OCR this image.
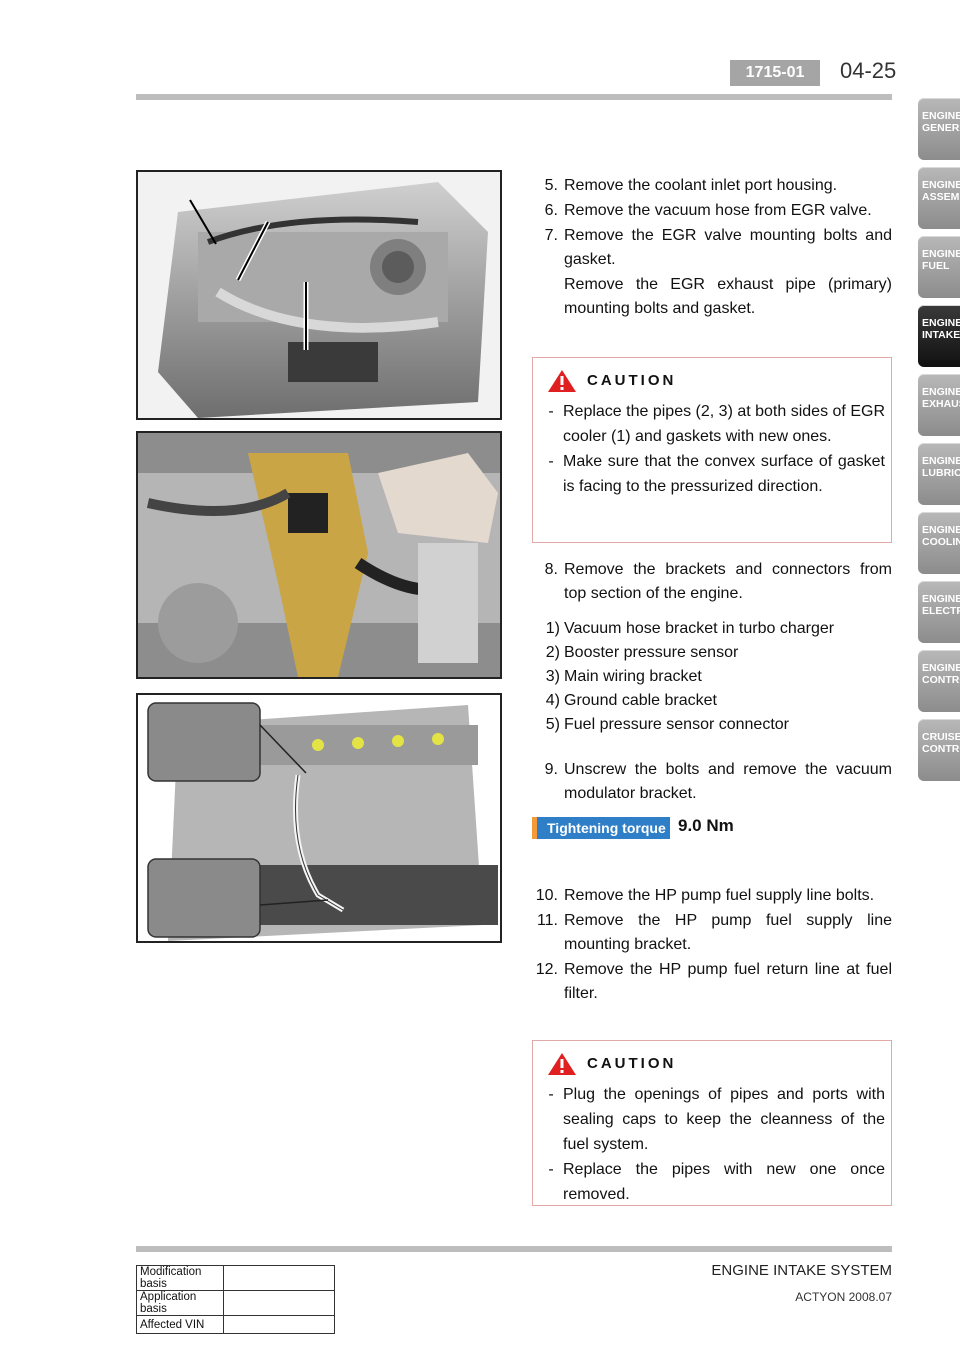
1715-01	04-25
ENGINE
GENERA
ENGINE
ASSEMBL
ENGINE
FUEL
ENGINE
INTAKE
ENGINE
EXHAUST
ENGINE
LUBRICA
ENGINE
COOLING
ENGINE
ELECTRI
ENGINE
CONTRO
CRUISE
CONTRO
5. Remove the coolant inlet port housing.
6. Remove the vacuum hose from EGR valve.
7. Remove the EGR valve mounting bolts and gasket.
Remove the EGR exhaust pipe (primary) mounting bolts and gasket.
CAUTION
- Replace the pipes (2, 3) at both sides of EGR cooler (1) and gaskets with new ones.
- Make sure that the convex surface of gasket is facing to the pressurized direction.
8. Remove the brackets and connectors from top section of the engine.
1) Vacuum hose bracket in turbo charger
2) Booster pressure sensor
3) Main wiring bracket
4) Ground cable bracket
5) Fuel pressure sensor connector
9. Unscrew the bolts and remove the vacuum modulator bracket.
Tightening torque 9.0 Nm
10. Remove the HP pump fuel supply line bolts.
11. Remove the HP pump fuel supply line mounting bracket.
12. Remove the HP pump fuel return line at fuel filter.
CAUTION
- Plug the openings of pipes and ports with sealing caps to keep the cleanness of the fuel system.
- Replace the pipes with new one once removed.
Modification basis	
Application basis	
Affected VIN	
ENGINE INTAKE SYSTEM
ACTYON 2008.07
